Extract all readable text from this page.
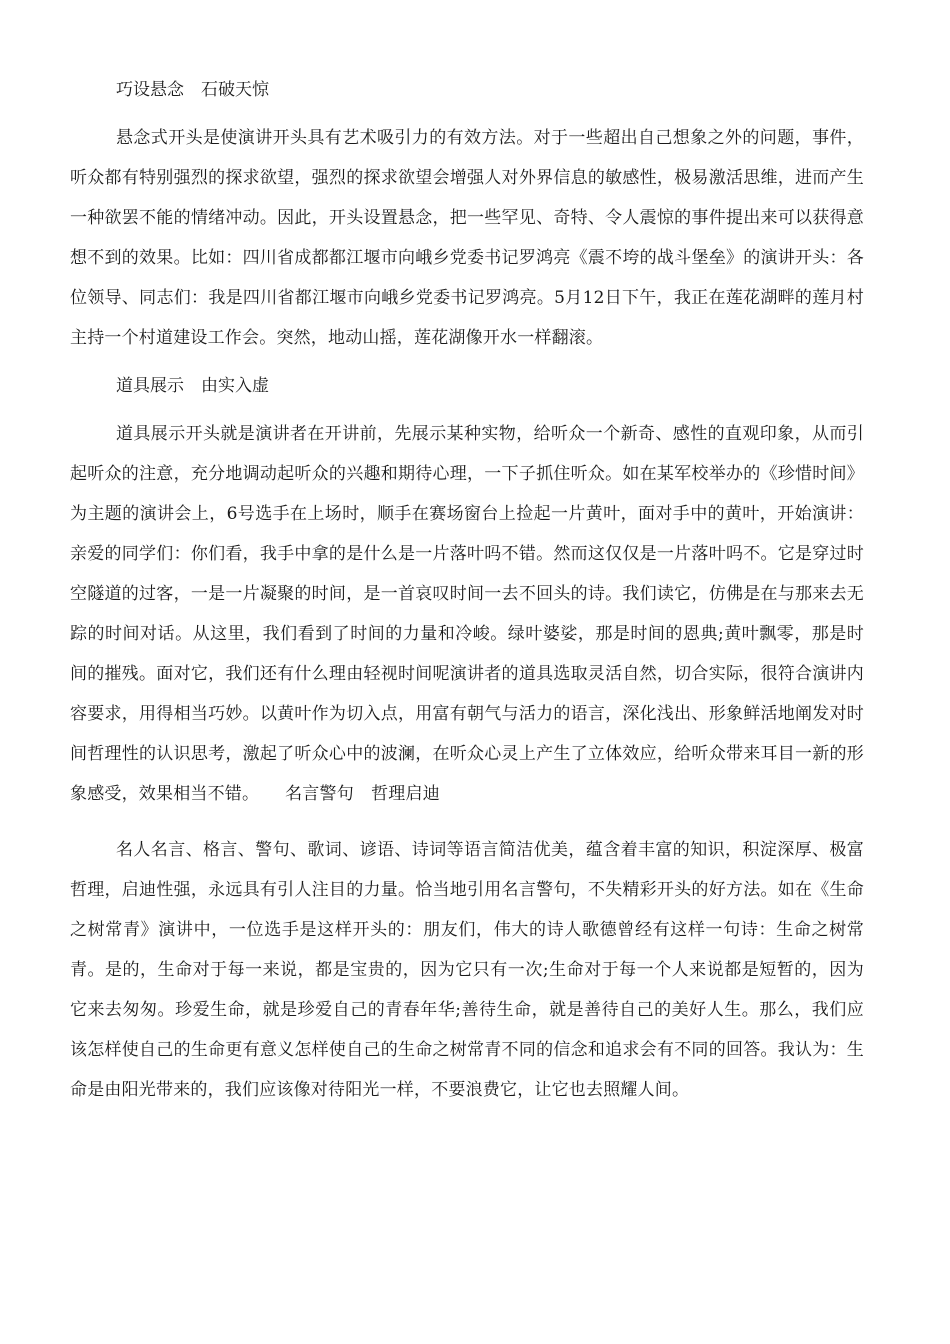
巧设悬念　石破天惊
悬念式开头是使演讲开头具有艺术吸引力的有效方法。对于一些超出自己想象之外的问题，事件，听众都有特别强烈的探求欲望，强烈的探求欲望会增强人对外界信息的敏感性，极易激活思维，进而产生一种欲罢不能的情绪冲动。因此，开头设置悬念，把一些罕见、奇特、令人震惊的事件提出来可以获得意想不到的效果。比如：四川省成都都江堰市向峨乡党委书记罗鸿亮《震不垮的战斗堡垒》的演讲开头：各位领导、同志们：我是四川省都江堰市向峨乡党委书记罗鸿亮。5月12日下午，我正在莲花湖畔的莲月村主持一个村道建设工作会。突然，地动山摇，莲花湖像开水一样翻滚。
道具展示　由实入虚
道具展示开头就是演讲者在开讲前，先展示某种实物，给听众一个新奇、感性的直观印象，从而引起听众的注意，充分地调动起听众的兴趣和期待心理，一下子抓住听众。如在某军校举办的《珍惜时间》为主题的演讲会上，6号选手在上场时，顺手在赛场窗台上捡起一片黄叶，面对手中的黄叶，开始演讲：亲爱的同学们：你们看，我手中拿的是什么是一片落叶吗不错。然而这仅仅是一片落叶吗不。它是穿过时空隧道的过客，一是一片凝聚的时间，是一首哀叹时间一去不回头的诗。我们读它，仿佛是在与那来去无踪的时间对话。从这里，我们看到了时间的力量和冷峻。绿叶婆娑，那是时间的恩典;黄叶飘零，那是时间的摧残。面对它，我们还有什么理由轻视时间呢演讲者的道具选取灵活自然，切合实际，很符合演讲内容要求，用得相当巧妙。以黄叶作为切入点，用富有朝气与活力的语言，深化浅出、形象鲜活地阐发对时间哲理性的认识思考，激起了听众心中的波澜，在听众心灵上产生了立体效应，给听众带来耳目一新的形象感受，效果相当不错。　　名言警句　哲理启迪
名人名言、格言、警句、歌词、谚语、诗词等语言简洁优美，蕴含着丰富的知识，积淀深厚、极富哲理，启迪性强，永远具有引人注目的力量。恰当地引用名言警句，不失精彩开头的好方法。如在《生命之树常青》演讲中，一位选手是这样开头的：朋友们，伟大的诗人歌德曾经有这样一句诗：生命之树常青。是的，生命对于每一来说，都是宝贵的，因为它只有一次;生命对于每一个人来说都是短暂的，因为它来去匆匆。珍爱生命，就是珍爱自己的青春年华;善待生命，就是善待自己的美好人生。那么，我们应该怎样使自己的生命更有意义怎样使自己的生命之树常青不同的信念和追求会有不同的回答。我认为：生命是由阳光带来的，我们应该像对待阳光一样，不要浪费它，让它也去照耀人间。
